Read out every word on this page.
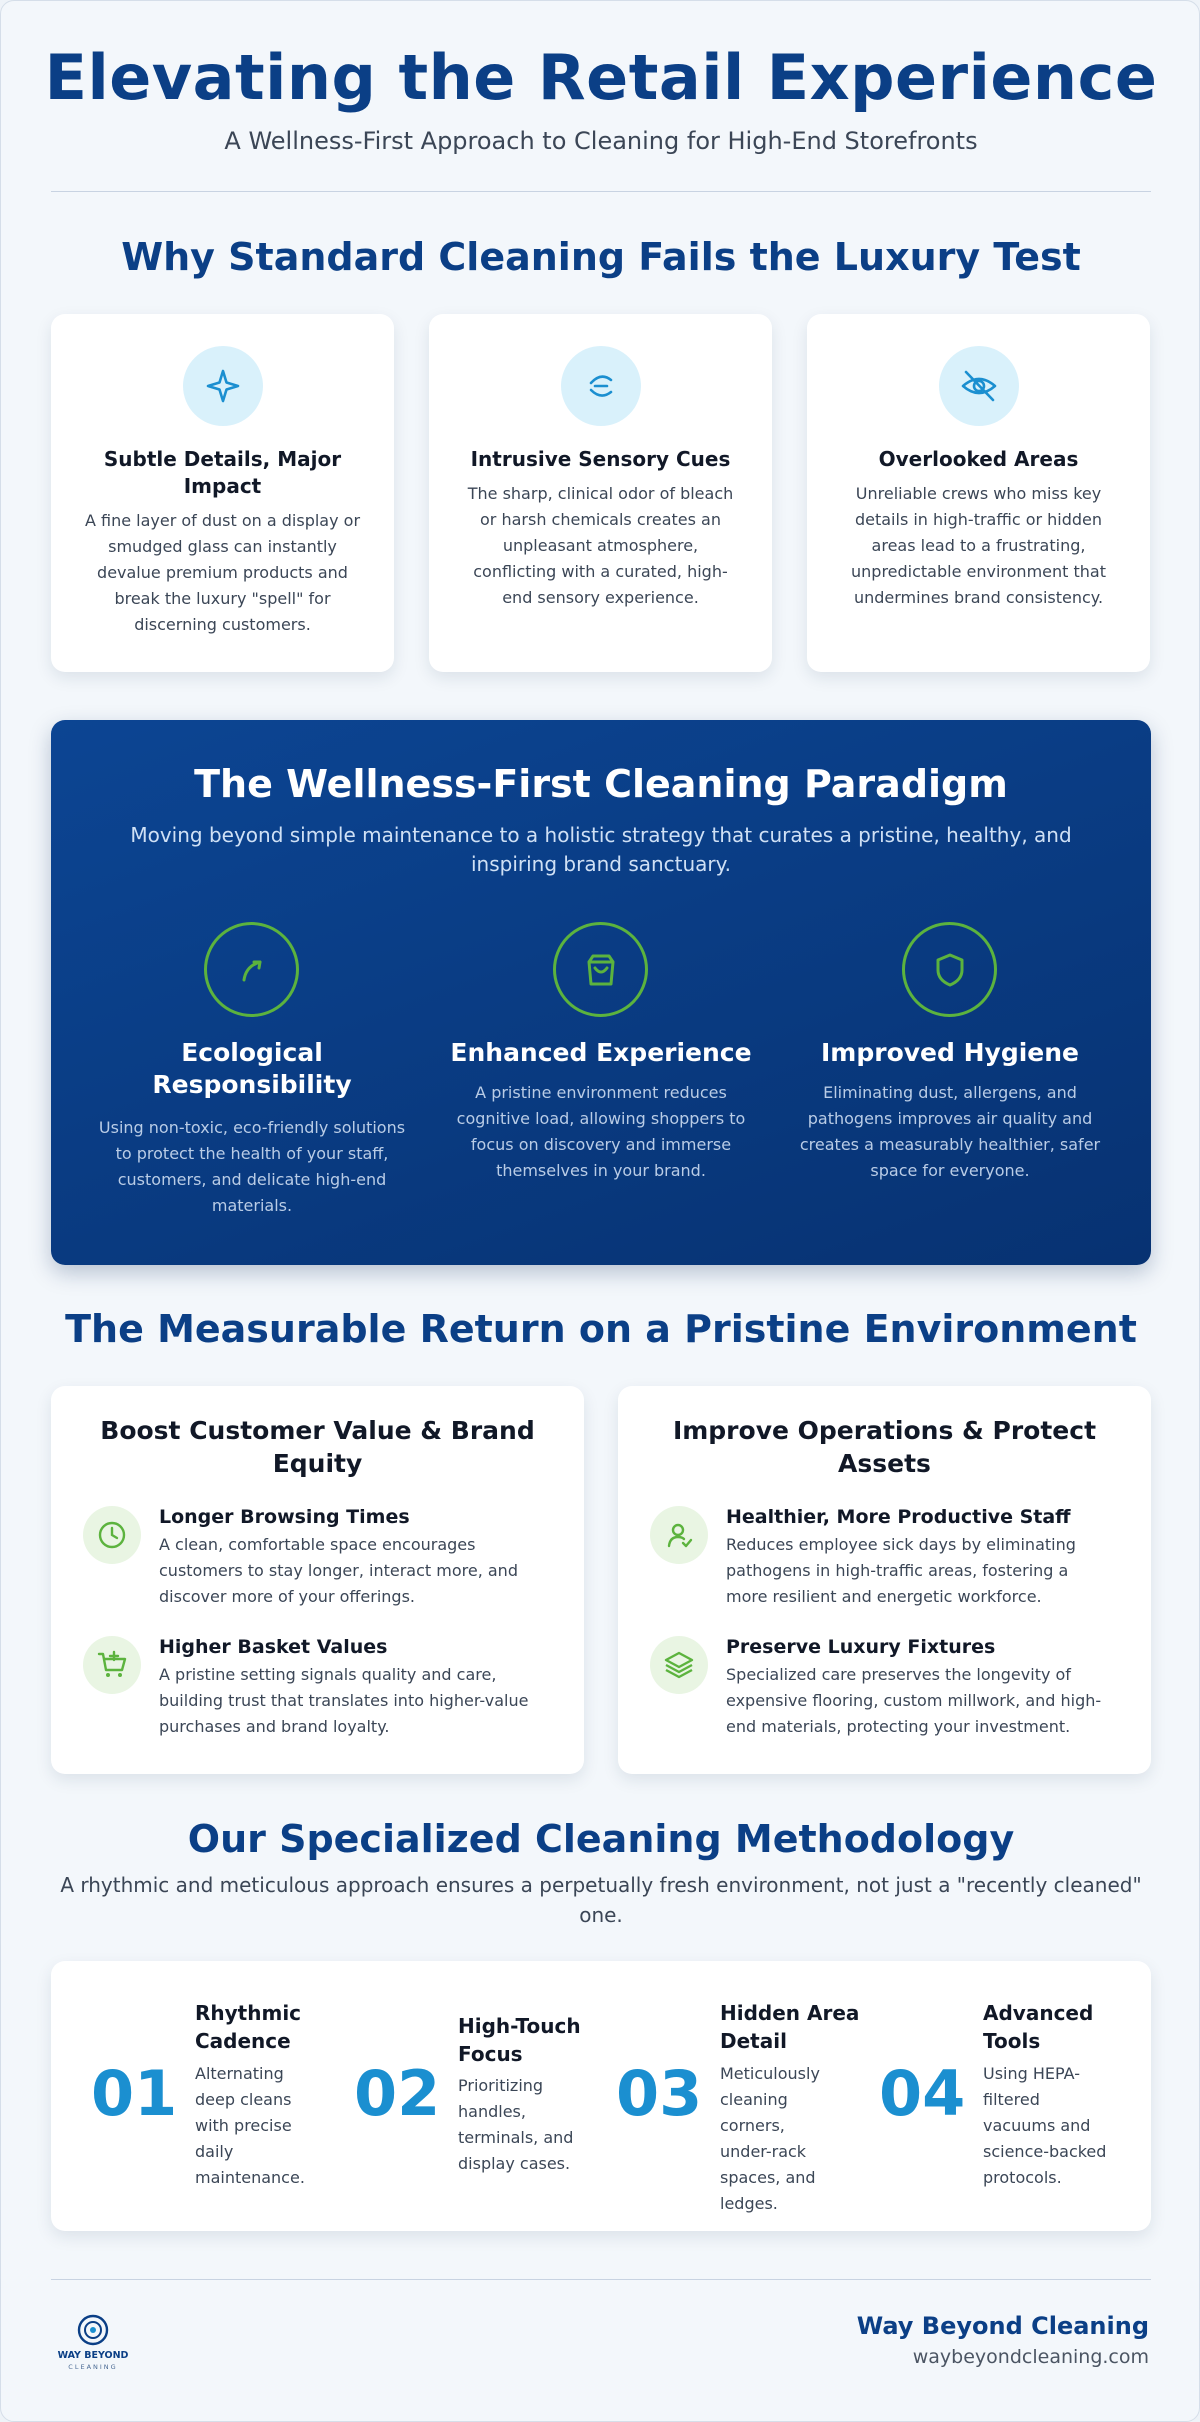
Elevating the Retail Experience
A Wellness-First Approach to Cleaning for High-End Storefronts
Why Standard Cleaning Fails the Luxury Test
Subtle Details, Major Impact

A fine layer of dust on a display or smudged glass can instantly devalue premium products and break the luxury "spell" for discerning customers.

Intrusive Sensory Cues

The sharp, clinical odor of bleach or harsh chemicals creates an unpleasant atmosphere, conflicting with a curated, high-end sensory experience.

Overlooked Areas

Unreliable crews who miss key details in high-traffic or hidden areas lead to a frustrating, unpredictable environment that undermines brand consistency.

The Wellness-First Cleaning Paradigm
Moving beyond simple maintenance to a holistic strategy that curates a pristine, healthy, and inspiring brand sanctuary.
Ecological Responsibility

Using non-toxic, eco-friendly solutions to protect the health of your staff, customers, and delicate high-end materials.

Enhanced Experience

A pristine environment reduces cognitive load, allowing shoppers to focus on discovery and immerse themselves in your brand.

Improved Hygiene

Eliminating dust, allergens, and pathogens improves air quality and creates a measurably healthier, safer space for everyone.

The Measurable Return on a Pristine Environment
Boost Customer Value & Brand Equity
Longer Browsing Times
A clean, comfortable space encourages customers to stay longer, interact more, and discover more of your offerings.
Higher Basket Values
A pristine setting signals quality and care, building trust that translates into higher-value purchases and brand loyalty.
Improve Operations & Protect Assets
Healthier, More Productive Staff
Reduces employee sick days by eliminating pathogens in high-traffic areas, fostering a more resilient and energetic workforce.
Preserve Luxury Fixtures
Specialized care preserves the longevity of expensive flooring, custom millwork, and high-end materials, protecting your investment.
Our Specialized Cleaning Methodology
A rhythmic and meticulous approach ensures a perpetually fresh environment, not just a "recently cleaned" one.
01
Rhythmic Cadence
Alternating deep cleans with precise daily maintenance.
02
High-Touch Focus
Prioritizing handles, terminals, and display cases.
03
Hidden Area Detail
Meticulously cleaning corners, under-rack spaces, and ledges.
04
Advanced Tools
Using HEPA-filtered vacuums and science-backed protocols.
WAY BEYOND
CLEANING
Way Beyond Cleaning
waybeyondcleaning.com
